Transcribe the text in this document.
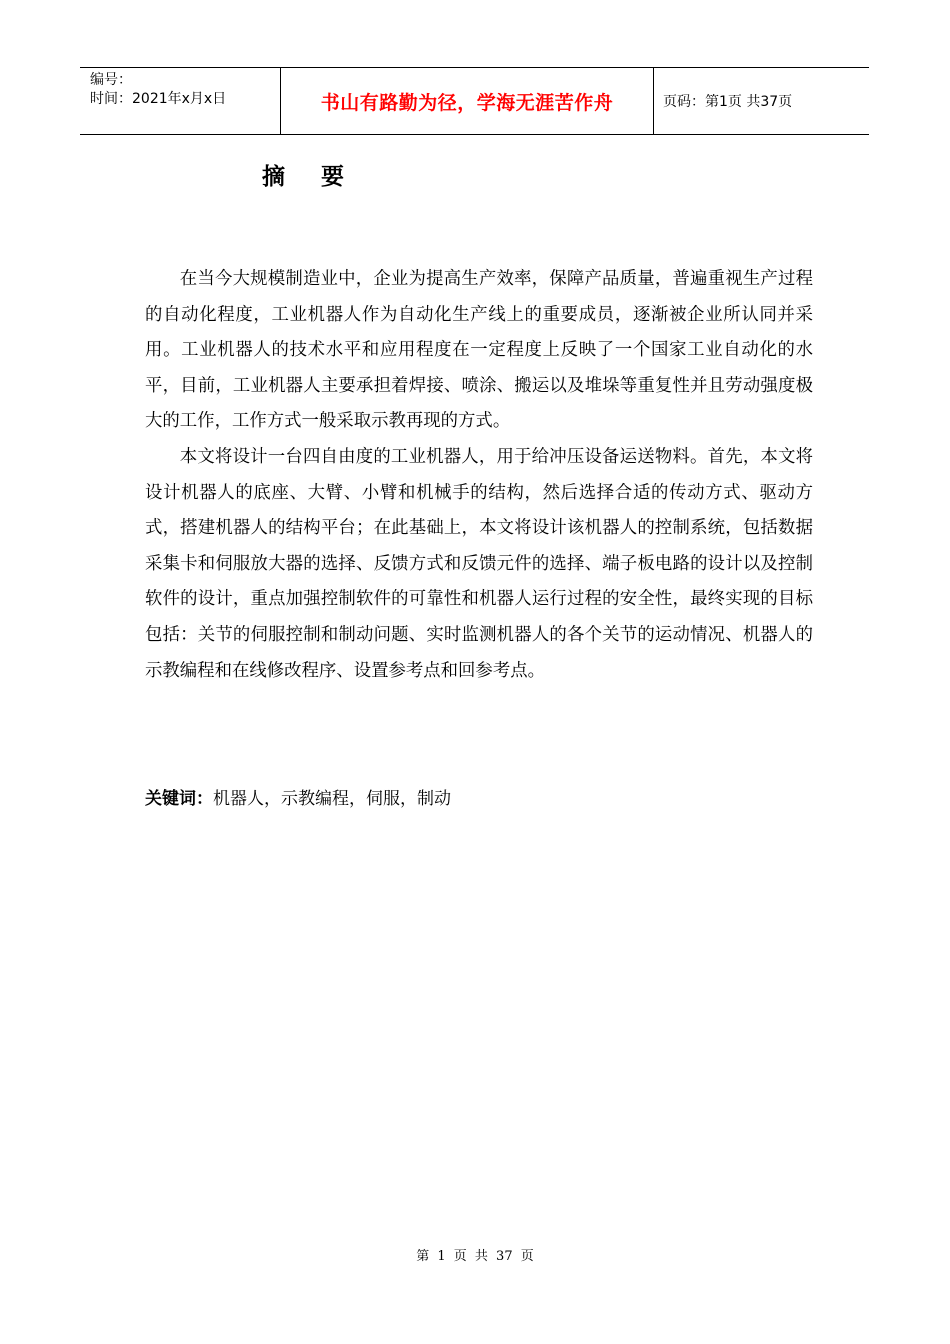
编号：
时间：2021年x月x日	书山有路勤为径，学海无涯苦作舟	页码：第1页 共37页
摘 要

在当今大规模制造业中，企业为提高生产效率，保障产品质量，普遍重视生产过程的自动化程度，工业机器人作为自动化生产线上的重要成员，逐渐被企业所认同并采用。工业机器人的技术水平和应用程度在一定程度上反映了一个国家工业自动化的水平，目前，工业机器人主要承担着焊接、喷涂、搬运以及堆垛等重复性并且劳动强度极大的工作，工作方式一般采取示教再现的方式。

本文将设计一台四自由度的工业机器人，用于给冲压设备运送物料。首先，本文将设计机器人的底座、大臂、小臂和机械手的结构，然后选择合适的传动方式、驱动方式，搭建机器人的结构平台；在此基础上，本文将设计该机器人的控制系统，包括数据采集卡和伺服放大器的选择、反馈方式和反馈元件的选择、端子板电路的设计以及控制软件的设计，重点加强控制软件的可靠性和机器人运行过程的安全性，最终实现的目标包括：关节的伺服控制和制动问题、实时监测机器人的各个关节的运动情况、机器人的示教编程和在线修改程序、设置参考点和回参考点。

关键词：机器人，示教编程，伺服，制动
第 1 页 共 37 页
